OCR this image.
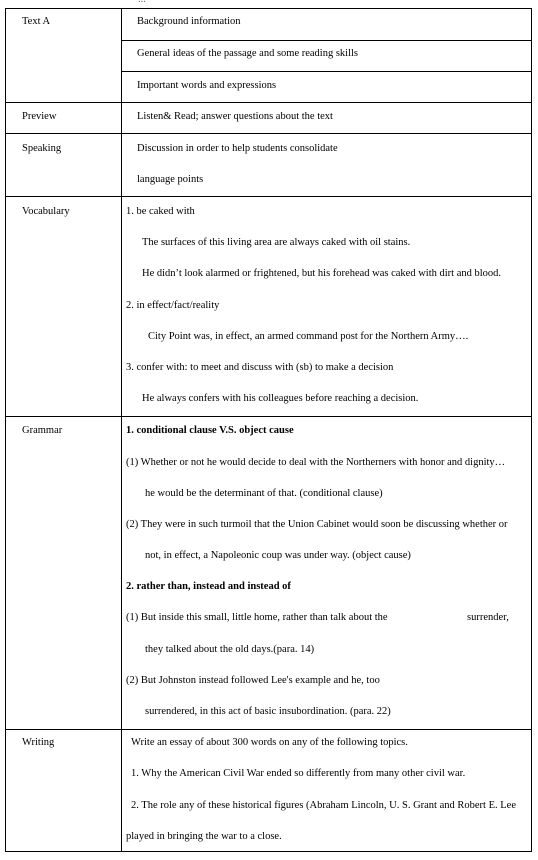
Text A	Background information
General ideas of the passage and some reading skills
Important words and expressions
Preview	Listen& Read; answer questions about the text
Speaking	Discussion in order to help students consolidate
language points
Vocabulary	1. be caked with
The surfaces of this living area are always caked with oil stains.
He didn’t look alarmed or frightened, but his forehead was caked with dirt and blood.
2. in effect/fact/reality
City Point was, in effect, an armed command post for the Northern Army….
3. confer with: to meet and discuss with (sb) to make a decision
He always confers with his colleagues before reaching a decision.
Grammar	1. conditional clause V.S. object cause
(1) Whether or not he would decide to deal with the Northerners with honor and dignity…
he would be the determinant of that. (conditional clause)
(2) They were in such turmoil that the Union Cabinet would soon be discussing whether or
not, in effect, a Napoleonic coup was under way. (object cause)
2. rather than, instead and instead of
(1) But inside this small, little home, rather than talk about the	surrender,
they talked about the old days.(para. 14)
(2) But Johnston instead followed Lee's example and he, too
surrendered, in this act of basic insubordination. (para. 22)
Writing	Write an essay of about 300 words on any of the following topics.
1. Why the American Civil War ended so differently from many other civil war.
2. The role any of these historical figures (Abraham Lincoln, U. S. Grant and Robert E. Lee
played in bringing the war to a close.
